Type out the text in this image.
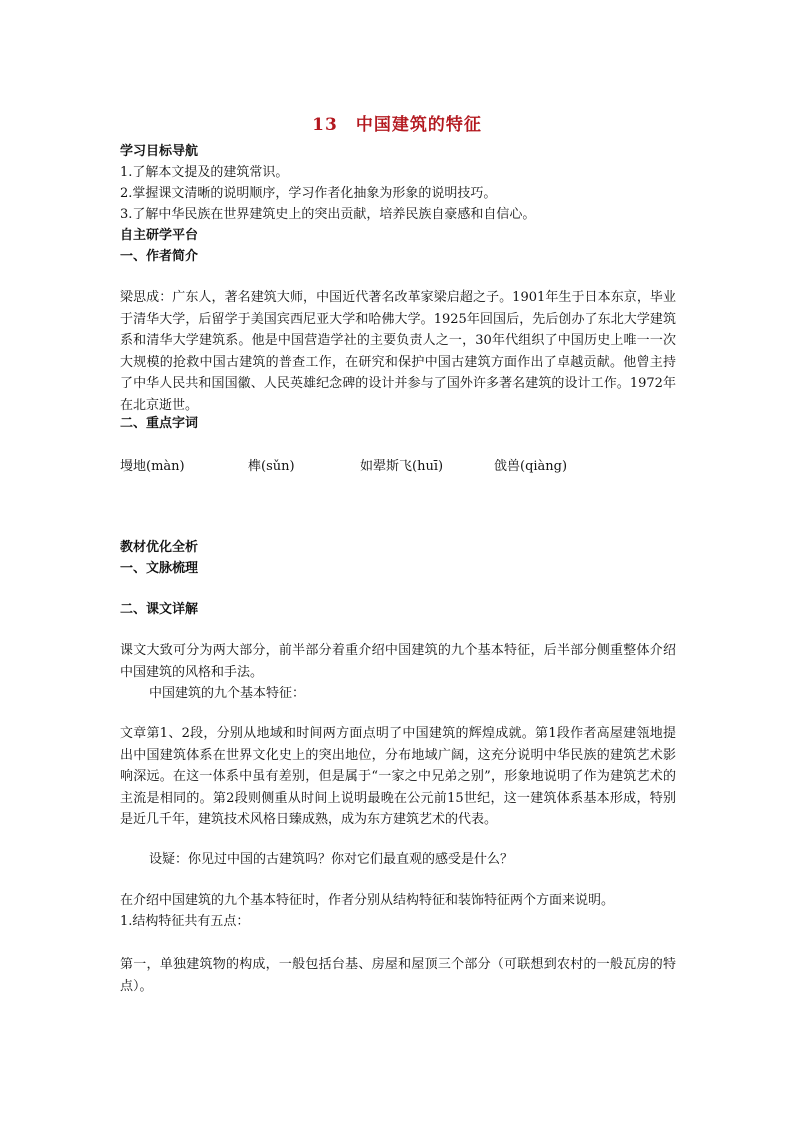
13　中国建筑的特征
学习目标导航
1.了解本文提及的建筑常识。
2.掌握课文清晰的说明顺序，学习作者化抽象为形象的说明技巧。
3.了解中华民族在世界建筑史上的突出贡献，培养民族自豪感和自信心。
自主研学平台
一、作者简介
梁思成：广东人，著名建筑大师，中国近代著名改革家梁启超之子。1901年生于日本东京，毕业于清华大学，后留学于美国宾西尼亚大学和哈佛大学。1925年回国后，先后创办了东北大学建筑系和清华大学建筑系。他是中国营造学社的主要负责人之一，30年代组织了中国历史上唯一一次大规模的抢救中国古建筑的普查工作，在研究和保护中国古建筑方面作出了卓越贡献。他曾主持了中华人民共和国国徽、人民英雄纪念碑的设计并参与了国外许多著名建筑的设计工作。1972年在北京逝世。
二、重点字词
墁地(màn)	榫(sǔn)	如翚斯飞(huī)	戗兽(qiàng)
教材优化全析
一、文脉梳理
二、课文详解
课文大致可分为两大部分，前半部分着重介绍中国建筑的九个基本特征，后半部分侧重整体介绍中国建筑的风格和手法。
中国建筑的九个基本特征：
文章第1、2段，分别从地域和时间两方面点明了中国建筑的辉煌成就。第1段作者高屋建瓴地提出中国建筑体系在世界文化史上的突出地位，分布地域广阔，这充分说明中华民族的建筑艺术影响深远。在这一体系中虽有差别，但是属于“一家之中兄弟之别”，形象地说明了作为建筑艺术的主流是相同的。第2段则侧重从时间上说明最晚在公元前15世纪，这一建筑体系基本形成，特别是近几千年，建筑技术风格日臻成熟，成为东方建筑艺术的代表。
设疑：你见过中国的古建筑吗？你对它们最直观的感受是什么？
在介绍中国建筑的九个基本特征时，作者分别从结构特征和装饰特征两个方面来说明。
1.结构特征共有五点：
第一，单独建筑物的构成，一般包括台基、房屋和屋顶三个部分（可联想到农村的一般瓦房的特点）。
